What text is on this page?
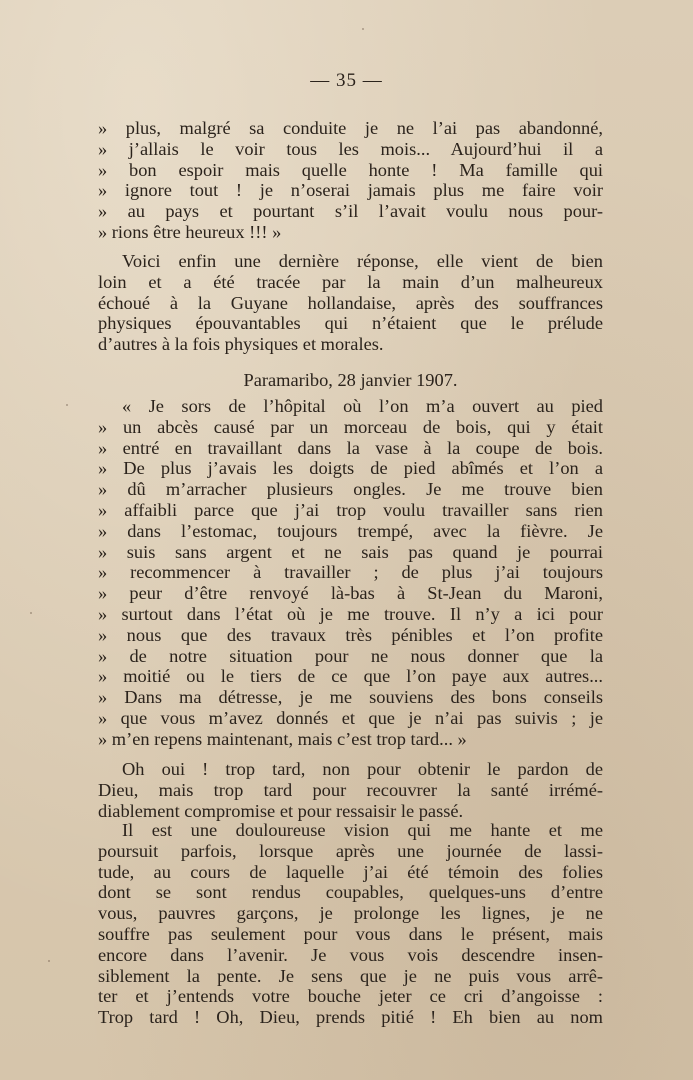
— 35 —
» plus, malgré sa conduite je ne l’ai pas abandonné,
» j’allais le voir tous les mois... Aujourd’hui il a
» bon espoir mais quelle honte ! Ma famille qui
» ignore tout ! je n’oserai jamais plus me faire voir
» au pays et pourtant s’il l’avait voulu nous pour-
» rions être heureux !!! »
Voici enfin une dernière réponse, elle vient de bien
loin et a été tracée par la main d’un malheureux
échoué à la Guyane hollandaise, après des souffrances
physiques épouvantables qui n’étaient que le prélude
d’autres à la fois physiques et morales.
Paramaribo, 28 janvier 1907.
« Je sors de l’hôpital où l’on m’a ouvert au pied
» un abcès causé par un morceau de bois, qui y était
» entré en travaillant dans la vase à la coupe de bois.
» De plus j’avais les doigts de pied abîmés et l’on a
» dû m’arracher plusieurs ongles. Je me trouve bien
» affaibli parce que j’ai trop voulu travailler sans rien
» dans l’estomac, toujours trempé, avec la fièvre. Je
» suis sans argent et ne sais pas quand je pourrai
» recommencer à travailler ; de plus j’ai toujours
» peur d’être renvoyé là-bas à St-Jean du Maroni,
» surtout dans l’état où je me trouve. Il n’y a ici pour
» nous que des travaux très pénibles et l’on profite
» de notre situation pour ne nous donner que la
» moitié ou le tiers de ce que l’on paye aux autres...
» Dans ma détresse, je me souviens des bons conseils
» que vous m’avez donnés et que je n’ai pas suivis ; je
» m’en repens maintenant, mais c’est trop tard... »
Oh oui ! trop tard, non pour obtenir le pardon de
Dieu, mais trop tard pour recouvrer la santé irrémé-
diablement compromise et pour ressaisir le passé.
Il est une douloureuse vision qui me hante et me
poursuit parfois, lorsque après une journée de lassi-
tude, au cours de laquelle j’ai été témoin des folies
dont se sont rendus coupables, quelques-uns d’entre
vous, pauvres garçons, je prolonge les lignes, je ne
souffre pas seulement pour vous dans le présent, mais
encore dans l’avenir. Je vous vois descendre insen-
siblement la pente. Je sens que je ne puis vous arrê-
ter et j’entends votre bouche jeter ce cri d’angoisse :
Trop tard ! Oh, Dieu, prends pitié ! Eh bien au nom
